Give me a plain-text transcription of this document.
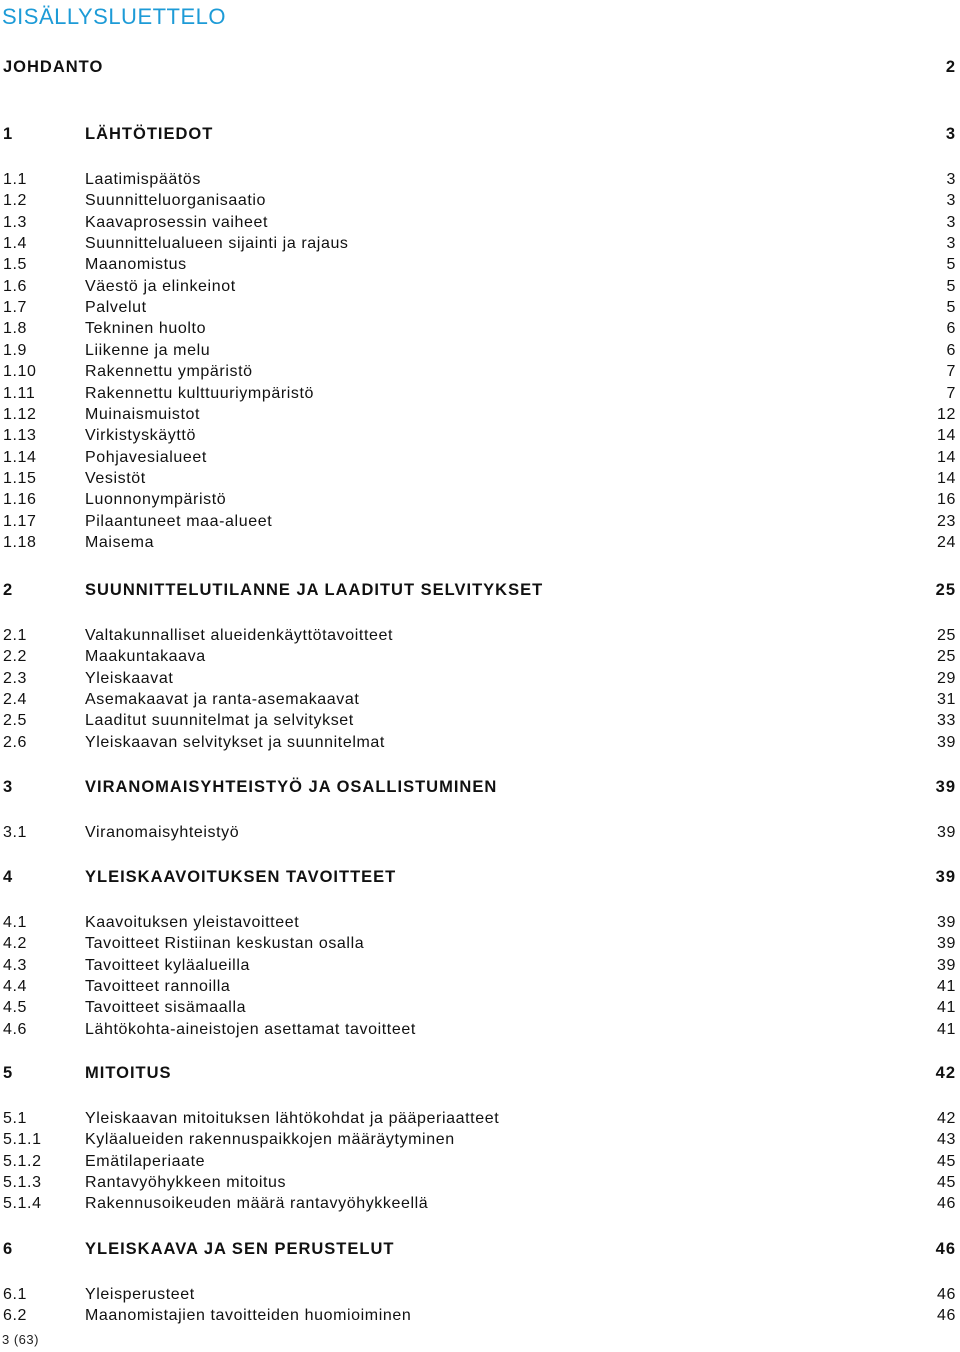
SISÄLLYSLUETTELO
JOHDANTO	2
1	LÄHTÖTIEDOT	3
1.1	Laatimispäätös	3
1.2	Suunnitteluorganisaatio	3
1.3	Kaavaprosessin vaiheet	3
1.4	Suunnittelualueen sijainti ja rajaus	3
1.5	Maanomistus	5
1.6	Väestö ja elinkeinot	5
1.7	Palvelut	5
1.8	Tekninen huolto	6
1.9	Liikenne ja melu	6
1.10	Rakennettu ympäristö	7
1.11	Rakennettu kulttuuriympäristö	7
1.12	Muinaismuistot	12
1.13	Virkistyskäyttö	14
1.14	Pohjavesialueet	14
1.15	Vesistöt	14
1.16	Luonnonympäristö	16
1.17	Pilaantuneet maa-alueet	23
1.18	Maisema	24
2	SUUNNITTELUTILANNE JA LAADITUT SELVITYKSET	25
2.1	Valtakunnalliset alueidenkäyttötavoitteet	25
2.2	Maakuntakaava	25
2.3	Yleiskaavat	29
2.4	Asemakaavat ja ranta-asemakaavat	31
2.5	Laaditut suunnitelmat ja selvitykset	33
2.6	Yleiskaavan selvitykset ja suunnitelmat	39
3	VIRANOMAISYHTEISTYÖ JA OSALLISTUMINEN	39
3.1	Viranomaisyhteistyö	39
4	YLEISKAAVOITUKSEN TAVOITTEET	39
4.1	Kaavoituksen yleistavoitteet	39
4.2	Tavoitteet Ristiinan keskustan osalla	39
4.3	Tavoitteet kyläalueilla	39
4.4	Tavoitteet rannoilla	41
4.5	Tavoitteet sisämaalla	41
4.6	Lähtökohta-aineistojen asettamat tavoitteet	41
5	MITOITUS	42
5.1	Yleiskaavan mitoituksen lähtökohdat ja pääperiaatteet	42
5.1.1	Kyläalueiden rakennuspaikkojen määräytyminen	43
5.1.2	Emätilaperiaate	45
5.1.3	Rantavyöhykkeen mitoitus	45
5.1.4	Rakennusoikeuden määrä rantavyöhykkeellä	46
6	YLEISKAAVA JA SEN PERUSTELUT	46
6.1	Yleisperusteet	46
6.2	Maanomistajien tavoitteiden huomioiminen	46
3 (63)
